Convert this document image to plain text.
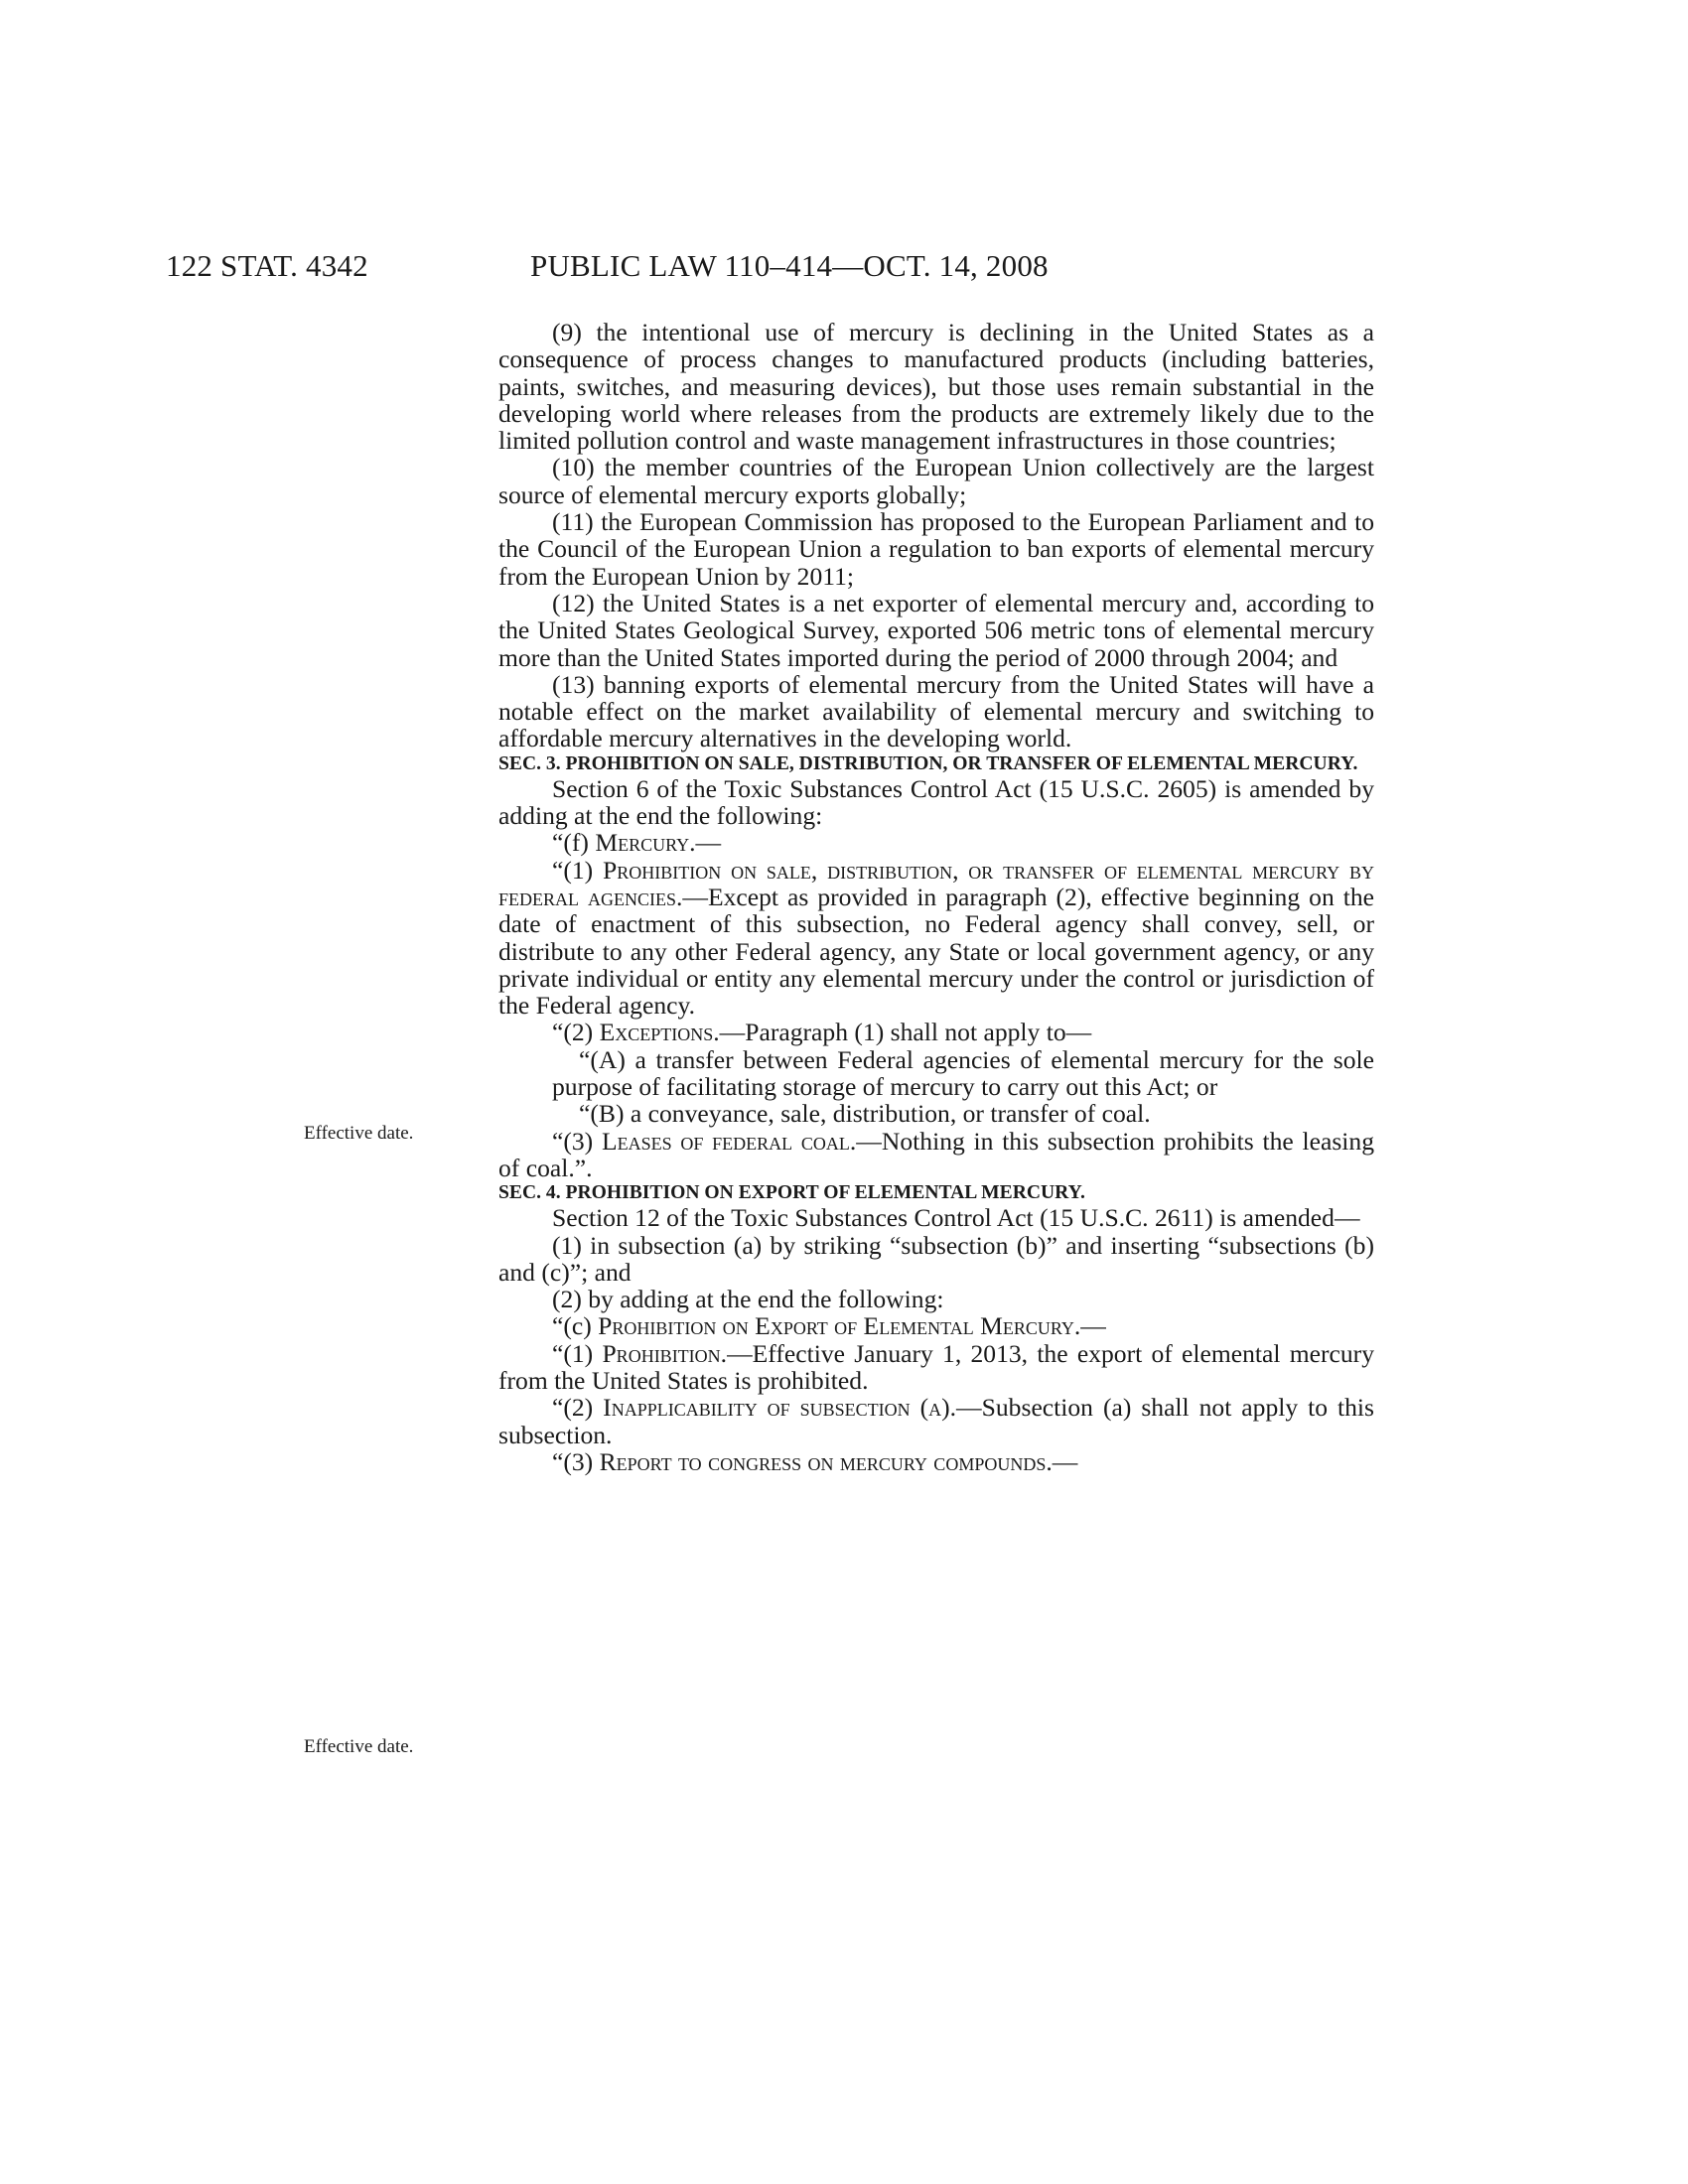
122 STAT. 4342	PUBLIC LAW 110–414—OCT. 14, 2008
Effective date.
Effective date.

(9) the intentional use of mercury is declining in the United States as a consequence of process changes to manufactured products (including batteries, paints, switches, and measuring devices), but those uses remain substantial in the developing world where releases from the products are extremely likely due to the limited pollution control and waste management infrastructures in those countries;

(10) the member countries of the European Union collectively are the largest source of elemental mercury exports globally;

(11) the European Commission has proposed to the European Parliament and to the Council of the European Union a regulation to ban exports of elemental mercury from the European Union by 2011;

(12) the United States is a net exporter of elemental mercury and, according to the United States Geological Survey, exported 506 metric tons of elemental mercury more than the United States imported during the period of 2000 through 2004; and

(13) banning exports of elemental mercury from the United States will have a notable effect on the market availability of elemental mercury and switching to affordable mercury alternatives in the developing world.

SEC. 3. PROHIBITION ON SALE, DISTRIBUTION, OR TRANSFER OF ELEMENTAL MERCURY.

Section 6 of the Toxic Substances Control Act (15 U.S.C. 2605) is amended by adding at the end the following:

“(f) Mercury.—

“(1) Prohibition on sale, distribution, or transfer of elemental mercury by federal agencies.—Except as provided in paragraph (2), effective beginning on the date of enactment of this subsection, no Federal agency shall convey, sell, or distribute to any other Federal agency, any State or local government agency, or any private individual or entity any elemental mercury under the control or jurisdiction of the Federal agency.

“(2) Exceptions.—Paragraph (1) shall not apply to—

“(A) a transfer between Federal agencies of elemental mercury for the sole purpose of facilitating storage of mercury to carry out this Act; or

“(B) a conveyance, sale, distribution, or transfer of coal.

“(3) Leases of federal coal.—Nothing in this subsection prohibits the leasing of coal.”.

SEC. 4. PROHIBITION ON EXPORT OF ELEMENTAL MERCURY.

Section 12 of the Toxic Substances Control Act (15 U.S.C. 2611) is amended—

(1) in subsection (a) by striking “subsection (b)” and inserting “subsections (b) and (c)”; and

(2) by adding at the end the following:

“(c) Prohibition on Export of Elemental Mercury.—

“(1) Prohibition.—Effective January 1, 2013, the export of elemental mercury from the United States is prohibited.

“(2) Inapplicability of subsection (a).—Subsection (a) shall not apply to this subsection.

“(3) Report to congress on mercury compounds.—
